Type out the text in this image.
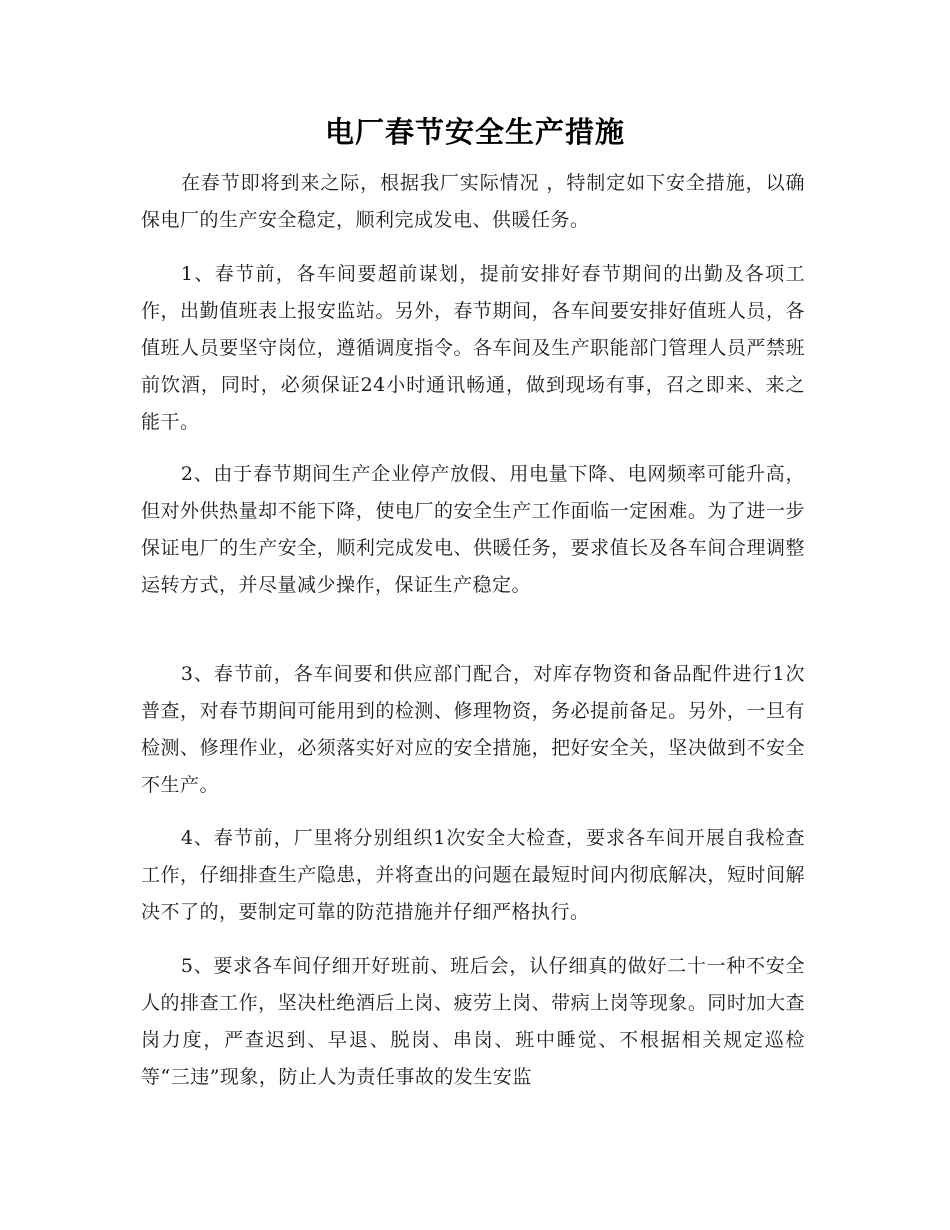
电厂春节安全生产措施

在春节即将到来之际，根据我厂实际情况 ，特制定如下安全措施，以确保电厂的生产安全稳定，顺利完成发电、供暖任务。

1、春节前，各车间要超前谋划，提前安排好春节期间的出勤及各项工作，出勤值班表上报安监站。另外，春节期间，各车间要安排好值班人员，各值班人员要坚守岗位，遵循调度指令。各车间及生产职能部门管理人员严禁班前饮酒，同时，必须保证24小时通讯畅通，做到现场有事，召之即来、来之能干。

2、由于春节期间生产企业停产放假、用电量下降、电网频率可能升高，但对外供热量却不能下降，使电厂的安全生产工作面临一定困难。为了进一步保证电厂的生产安全，顺利完成发电、供暖任务，要求值长及各车间合理调整运转方式，并尽量减少操作，保证生产稳定。

3、春节前，各车间要和供应部门配合，对库存物资和备品配件进行1次普查，对春节期间可能用到的检测、修理物资，务必提前备足。另外，一旦有检测、修理作业，必须落实好对应的安全措施，把好安全关，坚决做到不安全不生产。

4、春节前，厂里将分别组织1次安全大检查，要求各车间开展自我检查工作，仔细排查生产隐患，并将查出的问题在最短时间内彻底解决，短时间解决不了的，要制定可靠的防范措施并仔细严格执行。

5、要求各车间仔细开好班前、班后会，认仔细真的做好二十一种不安全人的排查工作，坚决杜绝酒后上岗、疲劳上岗、带病上岗等现象。同时加大查岗力度，严查迟到、早退、脱岗、串岗、班中睡觉、不根据相关规定巡检等“三违”现象，防止人为责任事故的发生安监
